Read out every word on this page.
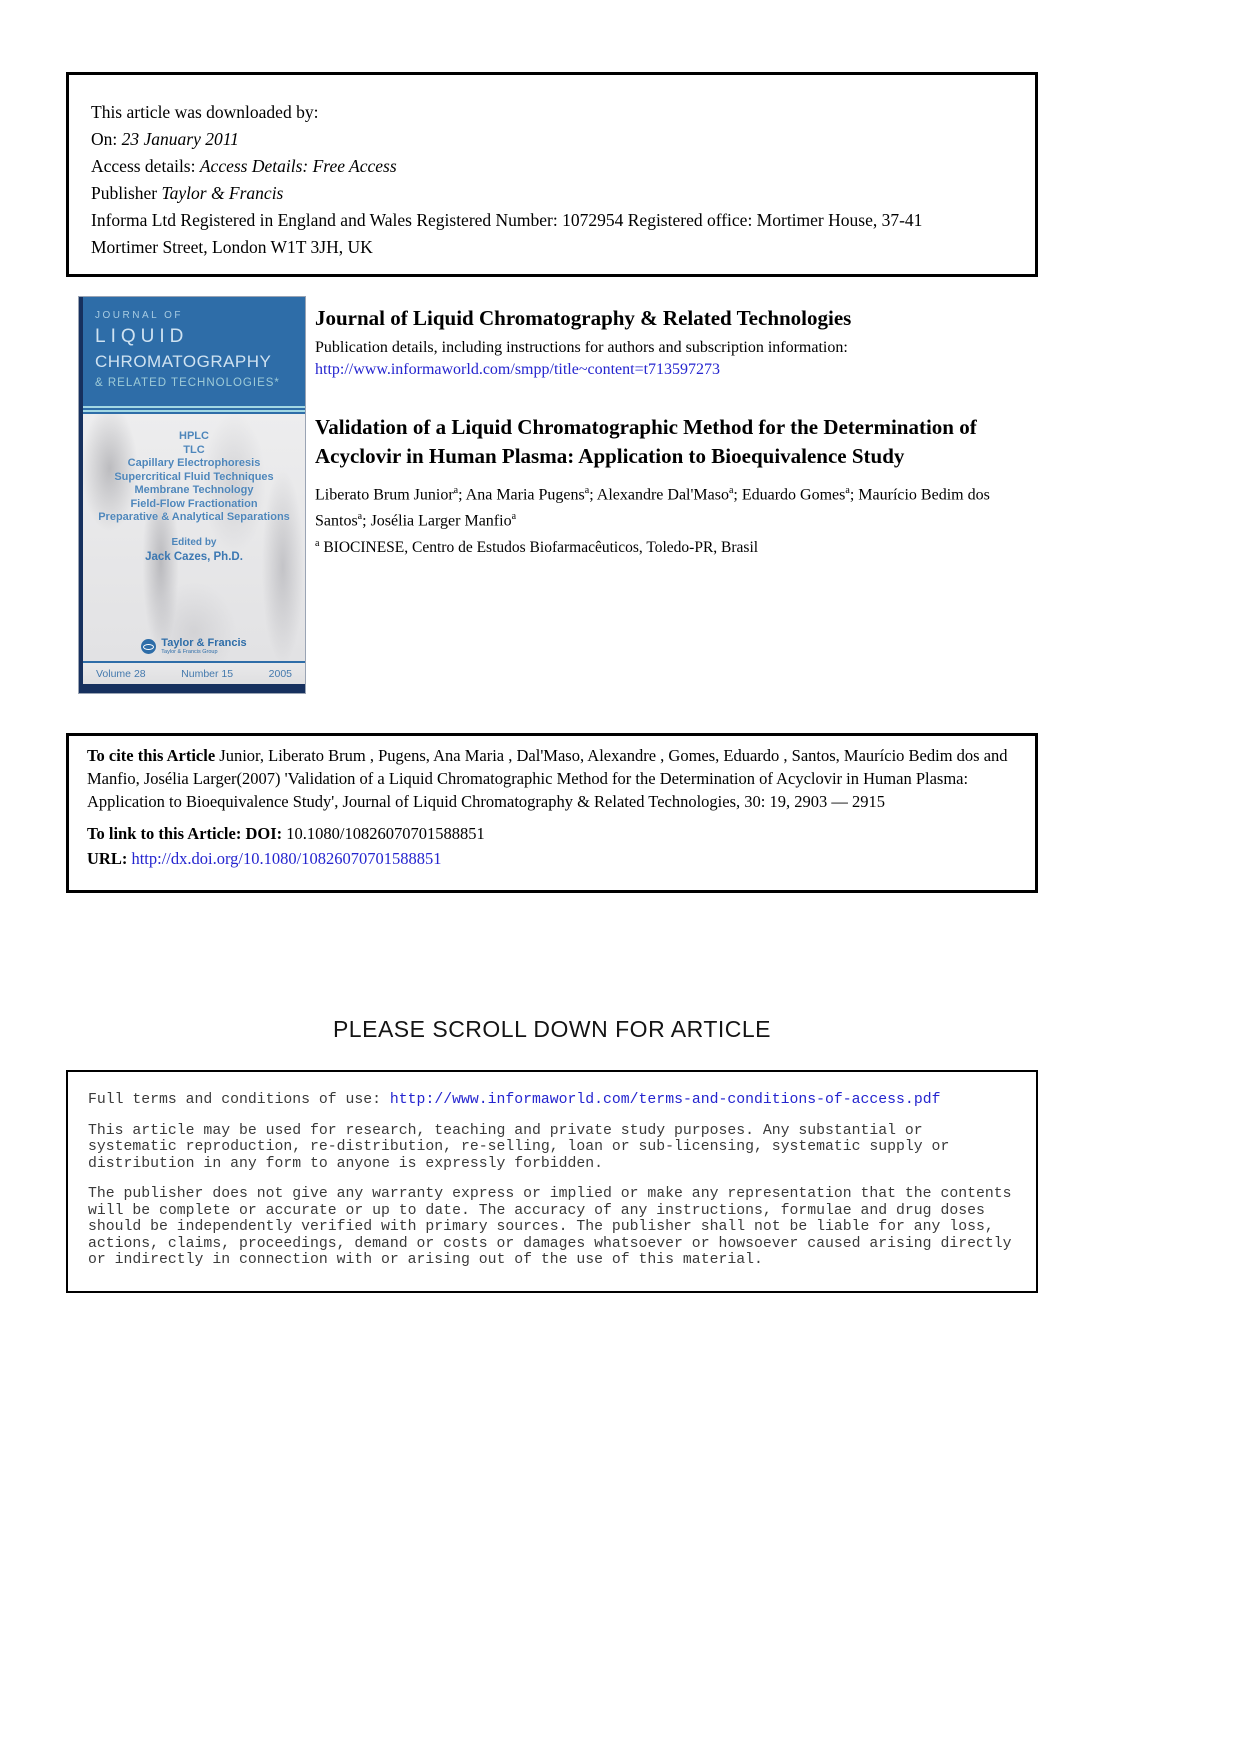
This article was downloaded by:
On: 23 January 2011
Access details: Access Details: Free Access
Publisher Taylor & Francis
Informa Ltd Registered in England and Wales Registered Number: 1072954 Registered office: Mortimer House, 37-41 Mortimer Street, London W1T 3JH, UK
JOURNAL OF
LIQUID
CHROMATOGRAPHY
& RELATED TECHNOLOGIES*
HPLC
TLC
Capillary Electrophoresis
Supercritical Fluid Techniques
Membrane Technology
Field-Flow Fractionation
Preparative & Analytical Separations
Edited by
Jack Cazes, Ph.D.
Taylor & Francis
Taylor & Francis Group
Volume 28	Number 15	2005
Journal of Liquid Chromatography & Related Technologies
Publication details, including instructions for authors and subscription information:
http://www.informaworld.com/smpp/title~content=t713597273
Validation of a Liquid Chromatographic Method for the Determination of Acyclovir in Human Plasma: Application to Bioequivalence Study
Liberato Brum Junior$^a$; Ana Maria Pugens$^a$; Alexandre Dal'Maso$^a$; Eduardo Gomes$^a$; Maurício Bedim dos Santos$^a$; Josélia Larger Manfio$^a$
$^a$ BIOCINESE, Centro de Estudos Biofarmacêuticos, Toledo-PR, Brasil
To cite this Article Junior, Liberato Brum , Pugens, Ana Maria , Dal'Maso, Alexandre , Gomes, Eduardo , Santos, Maurício Bedim dos and Manfio, Josélia Larger(2007) 'Validation of a Liquid Chromatographic Method for the Determination of Acyclovir in Human Plasma: Application to Bioequivalence Study', Journal of Liquid Chromatography & Related Technologies, 30: 19, 2903 — 2915
To link to this Article: DOI: 10.1080/10826070701588851
URL: http://dx.doi.org/10.1080/10826070701588851
PLEASE SCROLL DOWN FOR ARTICLE

Full terms and conditions of use: http://www.informaworld.com/terms-and-conditions-of-access.pdf

This article may be used for research, teaching and private study purposes. Any substantial or systematic reproduction, re-distribution, re-selling, loan or sub-licensing, systematic supply or distribution in any form to anyone is expressly forbidden.

The publisher does not give any warranty express or implied or make any representation that the contents will be complete or accurate or up to date. The accuracy of any instructions, formulae and drug doses should be independently verified with primary sources. The publisher shall not be liable for any loss, actions, claims, proceedings, demand or costs or damages whatsoever or howsoever caused arising directly or indirectly in connection with or arising out of the use of this material.
